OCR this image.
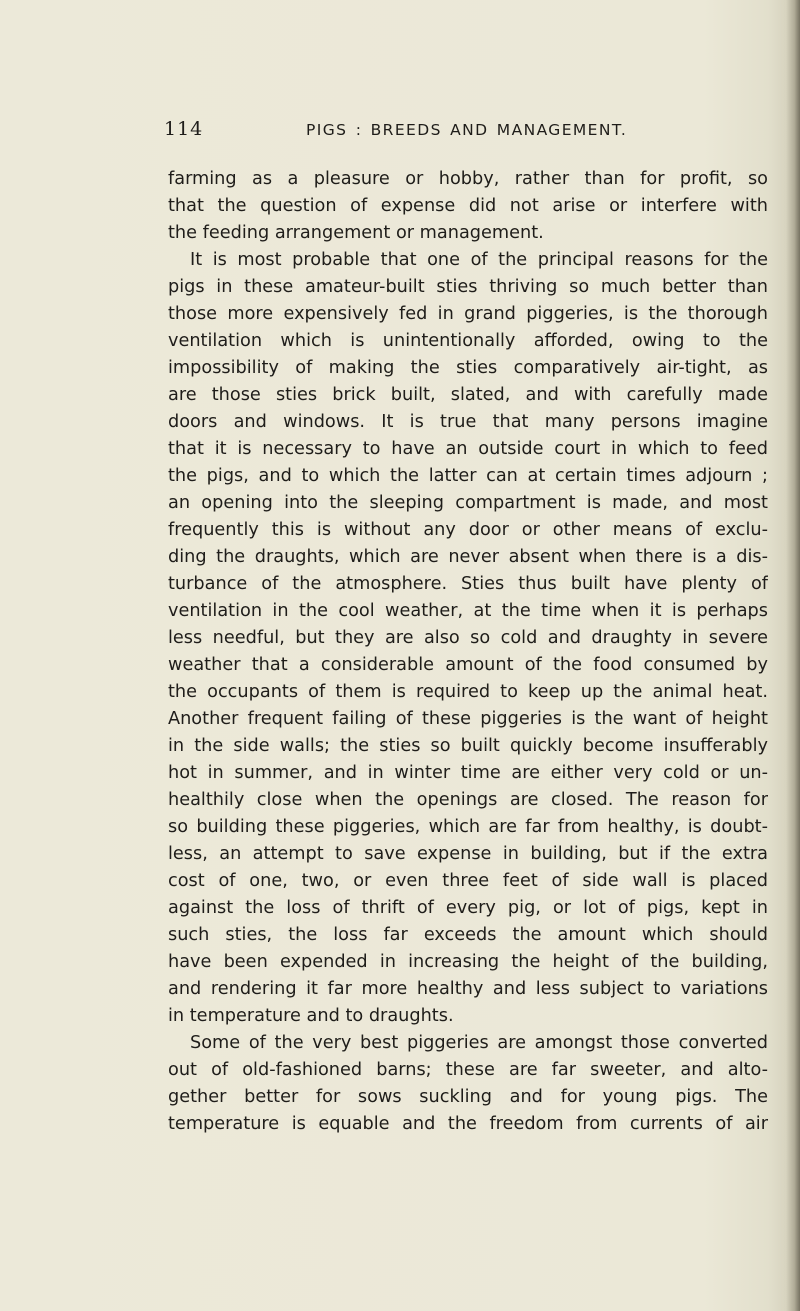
114	PIGS : BREEDS AND MANAGEMENT.
farming as a pleasure or hobby, rather than for profit, so
that the question of expense did not arise or interfere with
the feeding arrangement or management.
It is most probable that one of the principal reasons for the
pigs in these amateur-built sties thriving so much better than
those more expensively fed in grand piggeries, is the thorough
ventilation which is unintentionally afforded, owing to the
impossibility of making the sties comparatively air-tight, as
are those sties brick built, slated, and with carefully made
doors and windows. It is true that many persons imagine
that it is necessary to have an outside court in which to feed
the pigs, and to which the latter can at certain times adjourn ;
an opening into the sleeping compartment is made, and most
frequently this is without any door or other means of exclu-
ding the draughts, which are never absent when there is a dis-
turbance of the atmosphere. Sties thus built have plenty of
ventilation in the cool weather, at the time when it is perhaps
less needful, but they are also so cold and draughty in severe
weather that a considerable amount of the food consumed by
the occupants of them is required to keep up the animal heat.
Another frequent failing of these piggeries is the want of height
in the side walls; the sties so built quickly become insufferably
hot in summer, and in winter time are either very cold or un-
healthily close when the openings are closed. The reason for
so building these piggeries, which are far from healthy, is doubt-
less, an attempt to save expense in building, but if the extra
cost of one, two, or even three feet of side wall is placed
against the loss of thrift of every pig, or lot of pigs, kept in
such sties, the loss far exceeds the amount which should
have been expended in increasing the height of the building,
and rendering it far more healthy and less subject to variations
in temperature and to draughts.
Some of the very best piggeries are amongst those converted
out of old-fashioned barns; these are far sweeter, and alto-
gether better for sows suckling and for young pigs. The
temperature is equable and the freedom from currents of air
